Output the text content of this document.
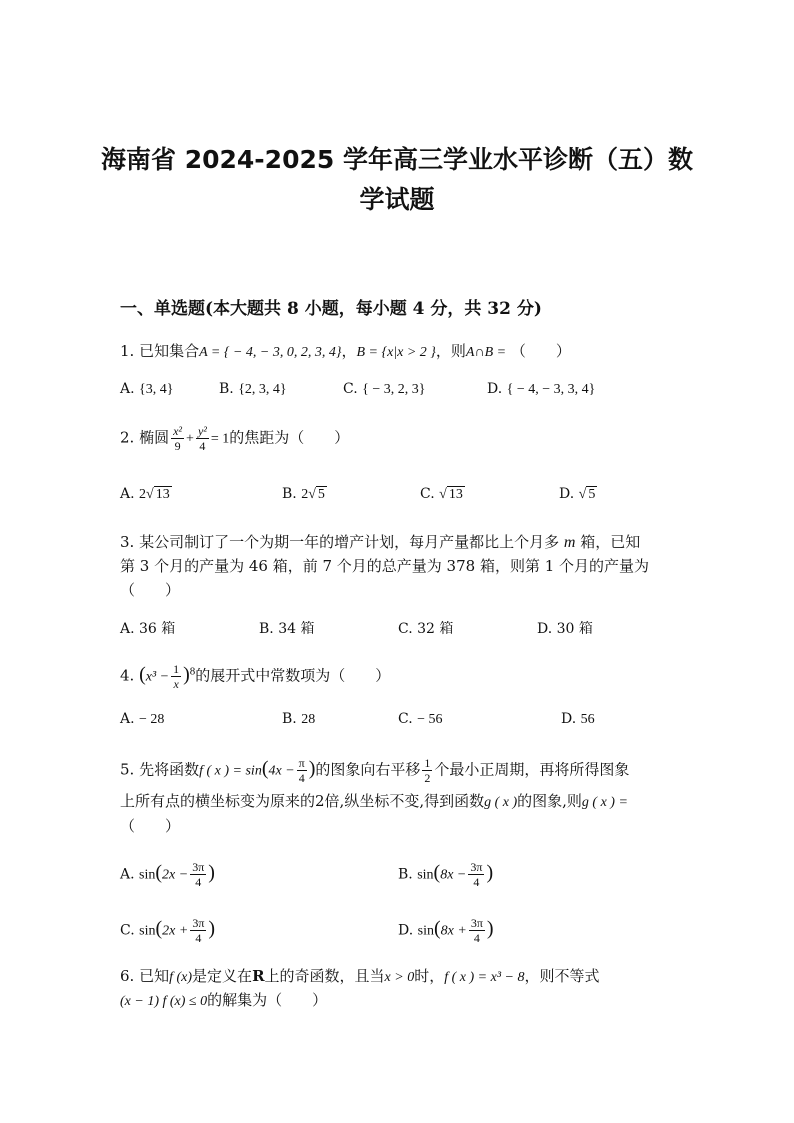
海南省 2024-2025 学年高三学业水平诊断（五）数
学试题
一、单选题(本大题共 8 小题，每小题 4 分，共 32 分)
1. 已知集合A = { − 4, − 3, 0, 2, 3, 4}，B = {x|x > 2 }，则A∩B = （　　）
A. {3, 4}	B. {2, 3, 4}	C. { − 3, 2, 3}	D. { − 4, − 3, 3, 4}
2. 椭圆 $\frac{\text{x²}}{9} + \frac{\text{y²}}{4} = 1$的焦距为（　　）
A. 2√ 13	B. 2√ 5	C. √ 13	D. √ 5
3. 某公司制订了一个为期一年的增产计划，每月产量都比上个月多 m 箱，已知
第 3 个月的产量为 46 箱，前 7 个月的总产量为 378 箱，则第 1 个月的产量为
（　　）
A. 36 箱	B. 34 箱	C. 32 箱	D. 30 箱
4. $(x^3 - \frac{1}{x} )^8$的展开式中常数项为（　　）
A. − 28	B. 28	C. − 56	D. 56
5. 先将函数f ( x ) = $\sin(4x - \frac{\pi}{4}$ )的图象向右平移 $\frac{1}{2}$ 个最小正周期，再将所得图象
上所有点的横坐标变为原来的2倍,纵坐标不变,得到函数g ( x )的图象,则g ( x ) =
（　　）
A. $\sin(2x - \frac{3\pi}{4}$ )	B. $\sin(8x - \frac{3\pi}{4}$ )
C. $\sin(2x + \frac{3\pi}{4}$ )	D. $\sin(8x + \frac{3\pi}{4}$ )
6. 已知f (x)是定义在R上的奇函数，且当x > 0时，f ( x ) = x³ − 8，则不等式
(x − 1) f (x) ≤ 0的解集为（　　）
